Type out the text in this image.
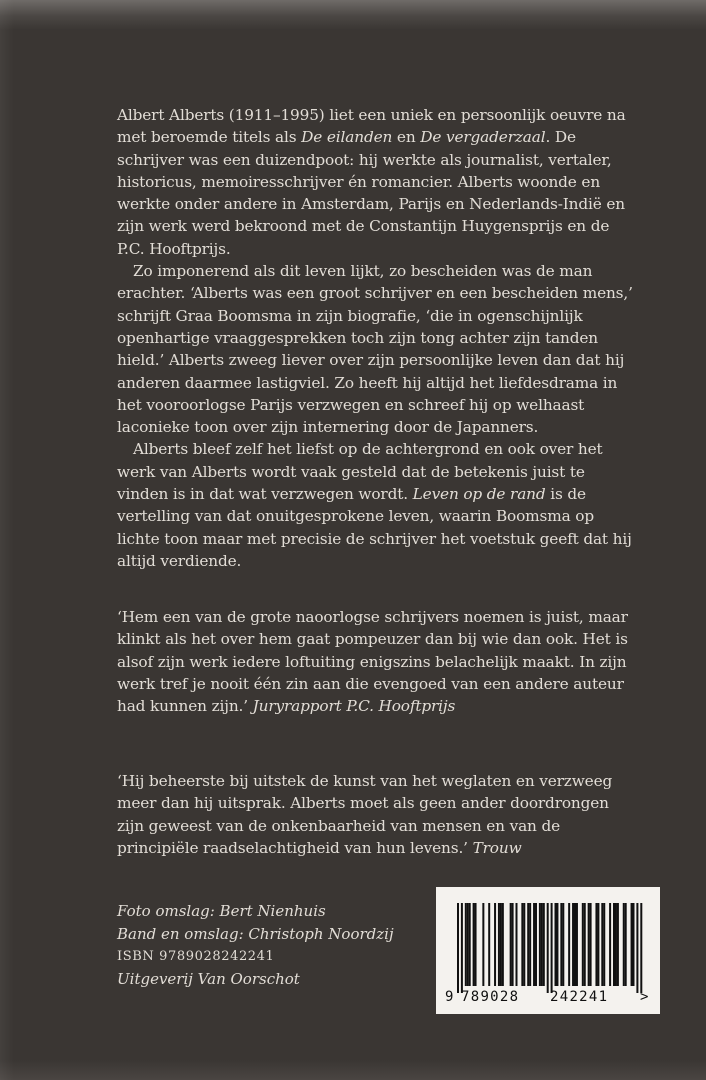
Albert Alberts (1911–1995) liet een uniek en persoonlijk oeuvre na met beroemde titels als De eilanden en De vergaderzaal. De schrijver was een duizendpoot: hij werkte als journalist, vertaler, historicus, memoiresschrijver én romancier. Alberts woonde en werkte onder andere in Amsterdam, Parijs en Nederlands-Indië en zijn werk werd bekroond met de Constantijn Huygensprijs en de P.C. Hooftprijs.

Zo imponerend als dit leven lijkt, zo bescheiden was de man erachter. ‘Alberts was een groot schrijver en een bescheiden mens,’ schrijft Graa Boomsma in zijn biografie, ‘die in ogenschijnlijk openhartige vraaggesprekken toch zijn tong achter zijn tanden hield.’ Alberts zweeg liever over zijn persoonlijke leven dan dat hij anderen daarmee lastigviel. Zo heeft hij altijd het liefdesdrama in het vooroorlogse Parijs verzwegen en schreef hij op welhaast laconieke toon over zijn internering door de Japanners.

Alberts bleef zelf het liefst op de achtergrond en ook over het werk van Alberts wordt vaak gesteld dat de betekenis juist te vinden is in dat wat verzwegen wordt. Leven op de rand is de vertelling van dat onuitgesprokene leven, waarin Boomsma op lichte toon maar met precisie de schrijver het voetstuk geeft dat hij altijd verdiende.

‘Hem een van de grote naoorlogse schrijvers noemen is juist, maar klinkt als het over hem gaat pompeuzer dan bij wie dan ook. Het is alsof zijn werk iedere loftuiting enigszins belachelijk maakt. In zijn werk tref je nooit één zin aan die evengoed van een andere auteur had kunnen zijn.’ Juryrapport P.C. Hooftprijs

‘Hij beheerste bij uitstek de kunst van het weglaten en verzweeg meer dan hij uitsprak. Alberts moet als geen ander doordrongen zijn geweest van de onkenbaarheid van mensen en van de principiële raadselachtigheid van hun levens.’ Trouw

Foto omslag: Bert Nienhuis
Band en omslag: Christoph Noordzij
ISBN 9789028242241
Uitgeverij Van Oorschot
9 789028 242241 >
